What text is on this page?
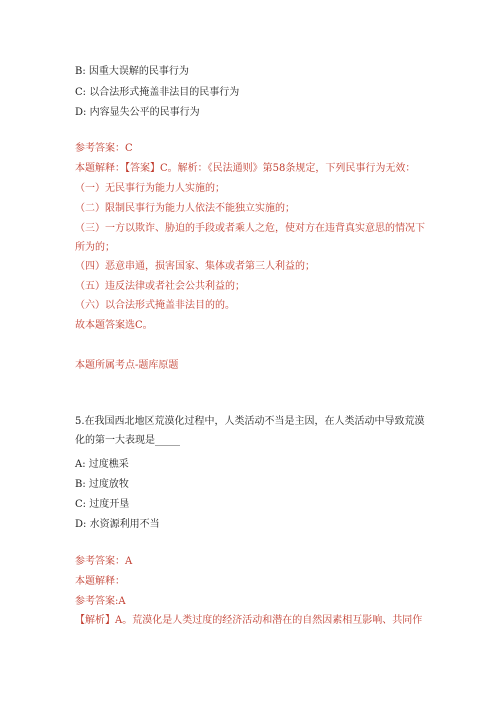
B: 因重大误解的民事行为
C: 以合法形式掩盖非法目的民事行为
D: 内容显失公平的民事行为
参考答案：C
本题解释：【答案】C。解析：《民法通则》第58条规定，下列民事行为无效：
（一）无民事行为能力人实施的；
（二）限制民事行为能力人依法不能独立实施的；
（三）一方以欺诈、胁迫的手段或者乘人之危，使对方在违背真实意思的情况下所为的；
（四）恶意串通，损害国家、集体或者第三人利益的；
（五）违反法律或者社会公共利益的；
（六）以合法形式掩盖非法目的的。
故本题答案选C。
本题所属考点-题库原题
5.在我国西北地区荒漠化过程中，人类活动不当是主因，在人类活动中导致荒漠化的第一大表现是_____
A: 过度樵采
B: 过度放牧
C: 过度开垦
D: 水资源利用不当
参考答案：A
本题解释：
参考答案:A
【解析】A。荒漠化是人类过度的经济活动和潜在的自然因素相互影响、共同作
